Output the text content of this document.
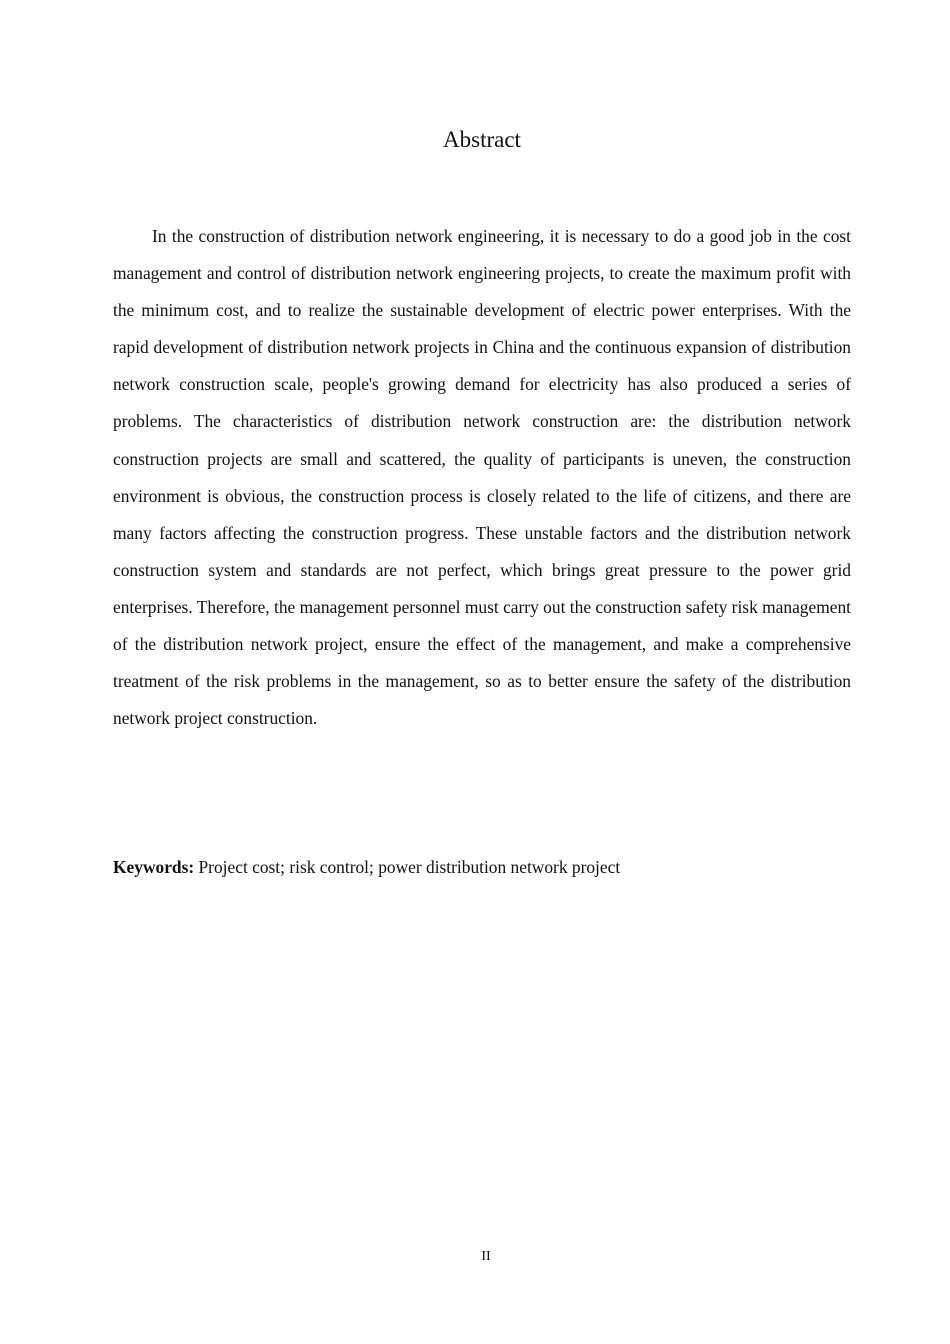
Abstract

In the construction of distribution network engineering, it is necessary to do a good job in the cost management and control of distribution network engineering projects, to create the maximum profit with the minimum cost, and to realize the sustainable development of electric power enterprises. With the rapid development of distribution network projects in China and the continuous expansion of distribution network construction scale, people's growing demand for electricity has also produced a series of problems. The characteristics of distribution network construction are: the distribution network construction projects are small and scattered, the quality of participants is uneven, the construction environment is obvious, the construction process is closely related to the life of citizens, and there are many factors affecting the construction progress. These unstable factors and the distribution network construction system and standards are not perfect, which brings great pressure to the power grid enterprises. Therefore, the management personnel must carry out the construction safety risk management of the distribution network project, ensure the effect of the management, and make a comprehensive treatment of the risk problems in the management, so as to better ensure the safety of the distribution network project construction.

Keywords: Project cost; risk control; power distribution network project

II
